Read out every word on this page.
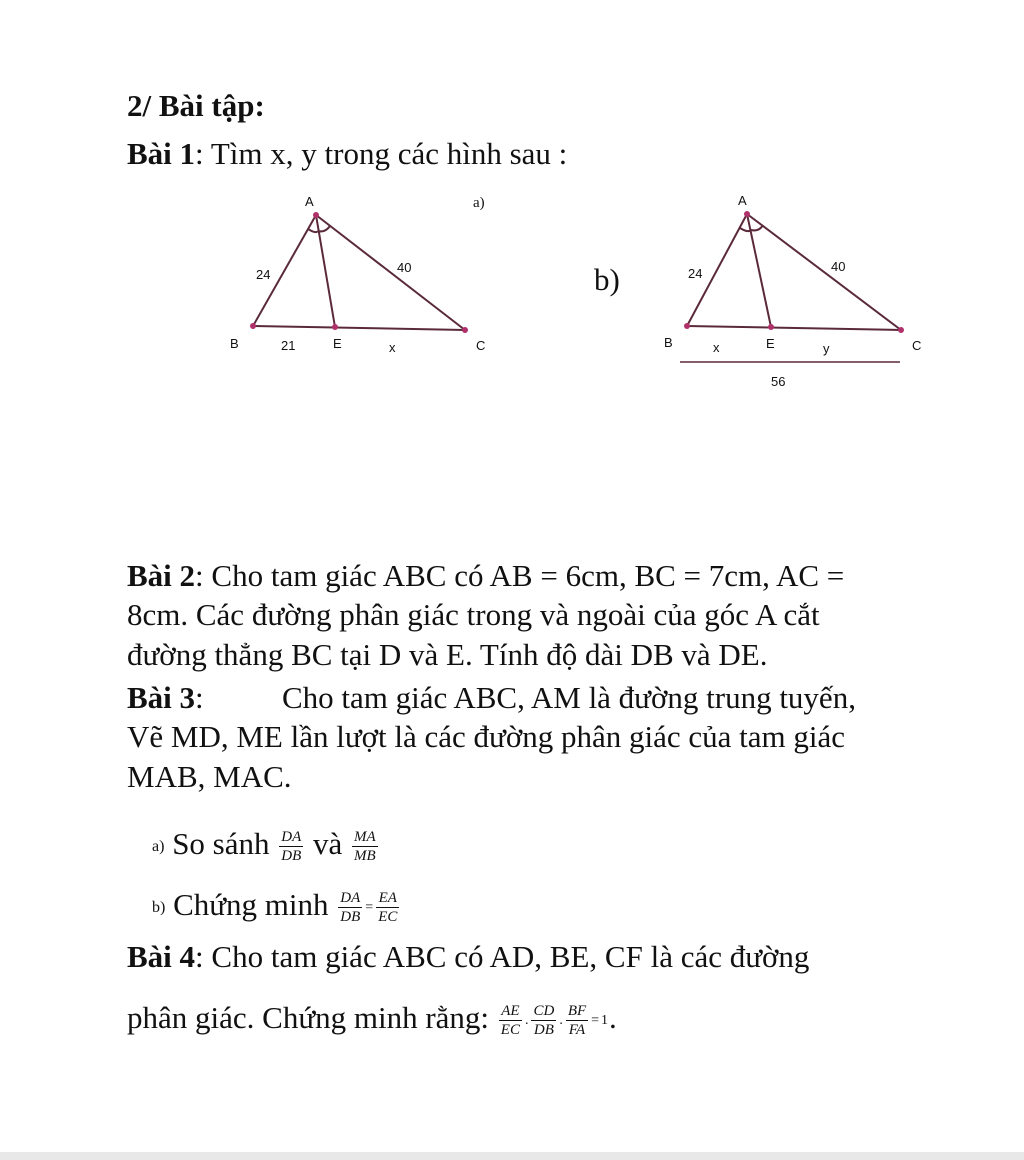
2/ Bài tập:
Bài 1: Tìm x, y trong các hình sau :
A
B	C
E
24	40
21	x
a)
b)
A
B	C
E
24	40
x	y
56
Bài 2: Cho tam giác ABC có AB = 6cm, BC = 7cm, AC =
8cm. Các đường phân giác trong và ngoài của góc A cắt
đường thẳng BC tại D và E. Tính độ dài DB và DE.
Bài 3:	Cho tam giác ABC, AM là đường trung tuyến,
Vẽ MD, ME lần lượt là các đường phân giác của tam giác
MAB, MAC.
a) So sánh $\frac{DA}{DB}$ và $\frac{MA}{MB}$
b) Chứng minh $\frac{DA}{DB} = \frac{EA}{EC}$
Bài 4: Cho tam giác ABC có AD, BE, CF là các đường
phân giác. Chứng minh rằng: $\frac{AE}{EC}$ . $\frac{CD}{DB}$ . $\frac{BF}{FA} = 1$.
